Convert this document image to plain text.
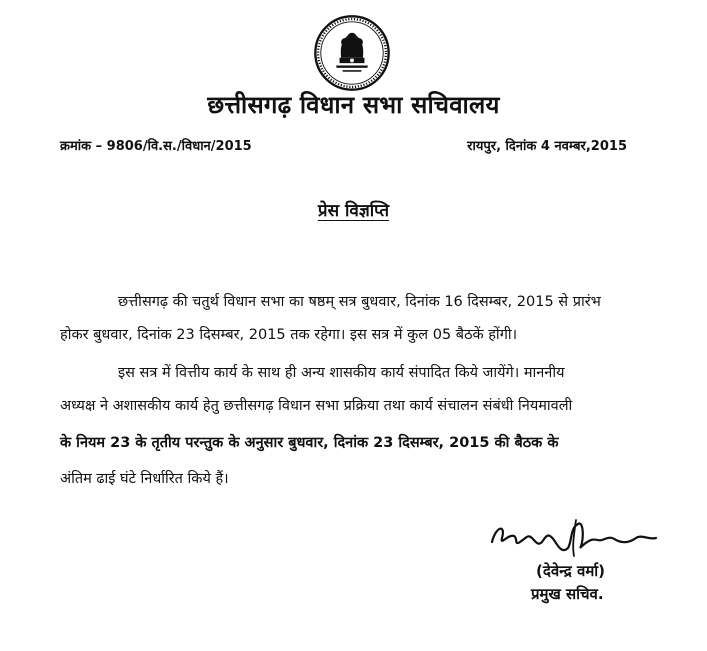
छत्तीसगढ़ विधान सभा सचिवालय
क्रमांक – 9806/वि.स./विधान/2015	रायपुर, दिनांक 4 नवम्बर,2015
प्रेस विज्ञप्ति
छत्तीसगढ़ की चतुर्थ विधान सभा का षष्ठम् सत्र बुधवार, दिनांक 16 दिसम्बर, 2015 से प्रारंभ
होकर बुधवार, दिनांक 23 दिसम्बर, 2015 तक रहेगा। इस सत्र में कुल 05 बैठकें होंगी।
इस सत्र में वित्तीय कार्य के साथ ही अन्य शासकीय कार्य संपादित किये जायेंगे। माननीय
अध्यक्ष ने अशासकीय कार्य हेतु छत्तीसगढ़ विधान सभा प्रक्रिया तथा कार्य संचालन संबंधी नियमावली
के नियम 23 के तृतीय परन्तुक के अनुसार बुधवार, दिनांक 23 दिसम्बर, 2015 की बैठक के
अंतिम ढाई घंटे निर्धारित किये हैं।
(देवेन्द्र वर्मा)
प्रमुख सचिव.
